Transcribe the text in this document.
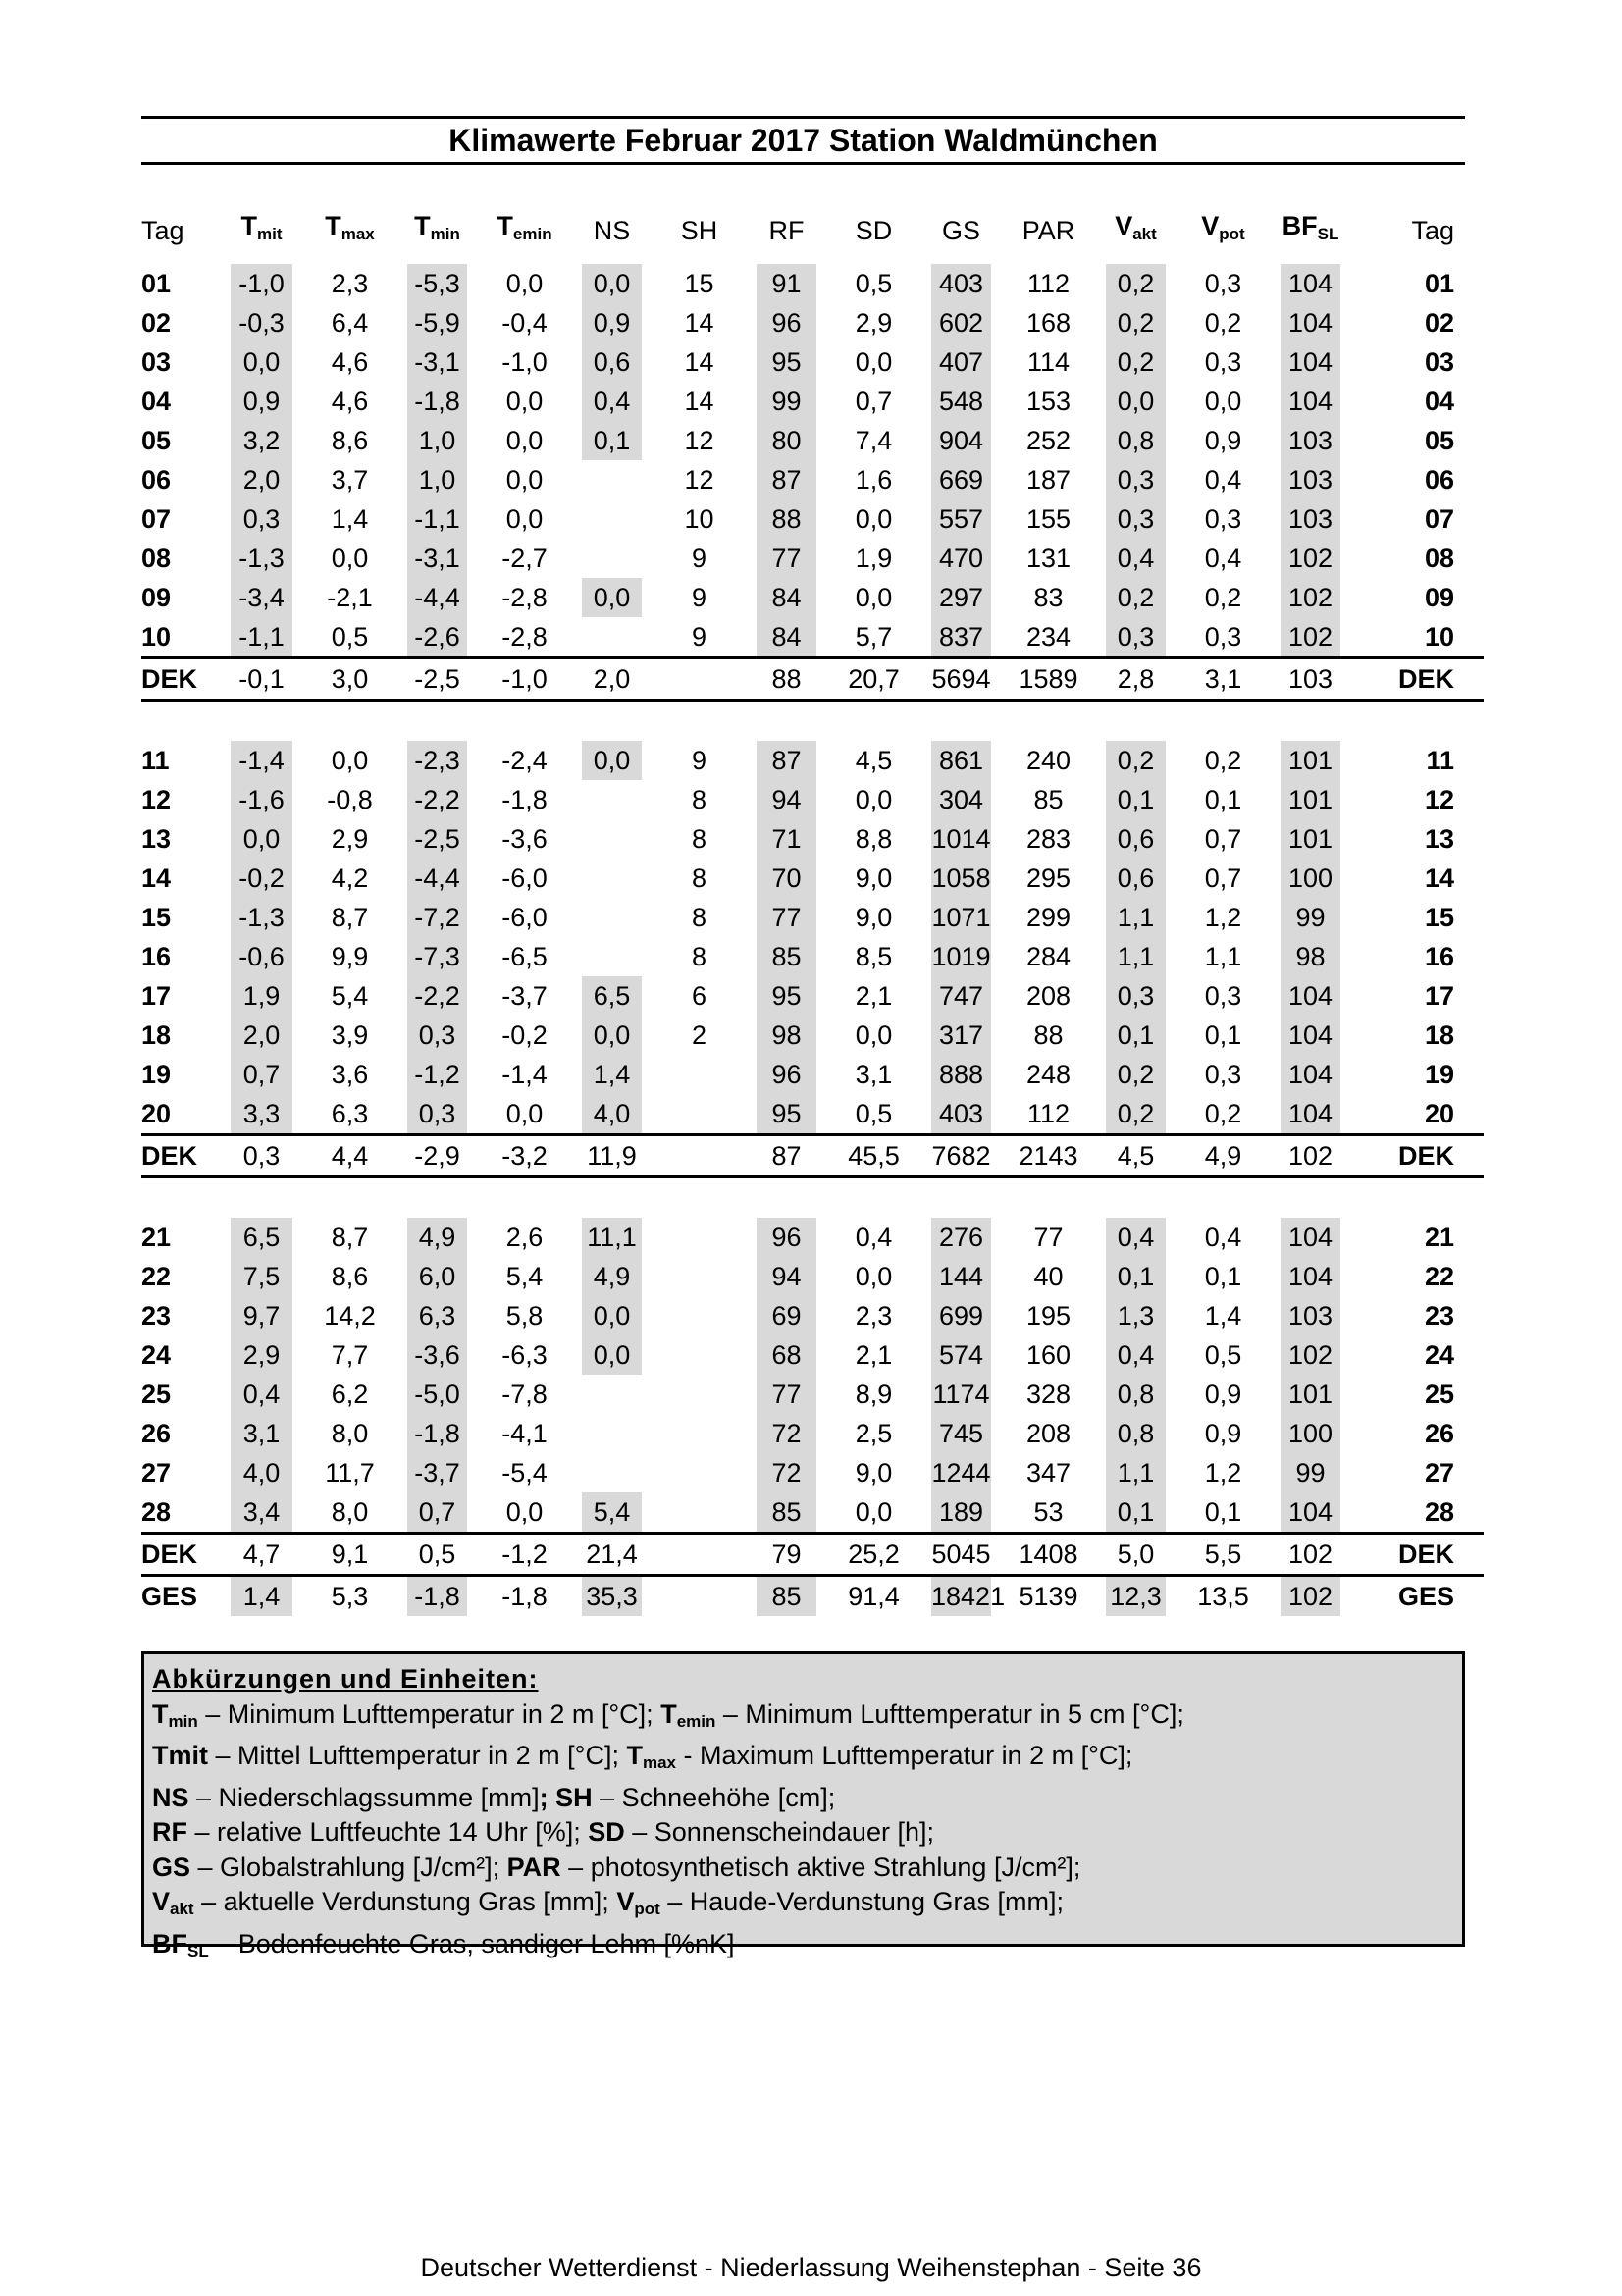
Klimawerte Februar 2017 Station Waldmünchen
Tag	$T_{mit}$	$T_{max}$	$T_{min}$	$T_{emin}$	NS	SH	RF	SD	GS	PAR	$V_{akt}$	$V_{pot}$	$BF_{SL}$	Tag
01	-1,0	2,3	-5,3	0,0	0,0	15	91	0,5	403	112	0,2	0,3	104	01
02	-0,3	6,4	-5,9	-0,4	0,9	14	96	2,9	602	168	0,2	0,2	104	02
03	0,0	4,6	-3,1	-1,0	0,6	14	95	0,0	407	114	0,2	0,3	104	03
04	0,9	4,6	-1,8	0,0	0,4	14	99	0,7	548	153	0,0	0,0	104	04
05	3,2	8,6	1,0	0,0	0,1	12	80	7,4	904	252	0,8	0,9	103	05
06	2,0	3,7	1,0	0,0		12	87	1,6	669	187	0,3	0,4	103	06
07	0,3	1,4	-1,1	0,0		10	88	0,0	557	155	0,3	0,3	103	07
08	-1,3	0,0	-3,1	-2,7		9	77	1,9	470	131	0,4	0,4	102	08
09	-3,4	-2,1	-4,4	-2,8	0,0	9	84	0,0	297	83	0,2	0,2	102	09
10	-1,1	0,5	-2,6	-2,8		9	84	5,7	837	234	0,3	0,3	102	10
DEK	-0,1	3,0	-2,5	-1,0	2,0		88	20,7	5694	1589	2,8	3,1	103	DEK

11	-1,4	0,0	-2,3	-2,4	0,0	9	87	4,5	861	240	0,2	0,2	101	11
12	-1,6	-0,8	-2,2	-1,8		8	94	0,0	304	85	0,1	0,1	101	12
13	0,0	2,9	-2,5	-3,6		8	71	8,8	1014	283	0,6	0,7	101	13
14	-0,2	4,2	-4,4	-6,0		8	70	9,0	1058	295	0,6	0,7	100	14
15	-1,3	8,7	-7,2	-6,0		8	77	9,0	1071	299	1,1	1,2	99	15
16	-0,6	9,9	-7,3	-6,5		8	85	8,5	1019	284	1,1	1,1	98	16
17	1,9	5,4	-2,2	-3,7	6,5	6	95	2,1	747	208	0,3	0,3	104	17
18	2,0	3,9	0,3	-0,2	0,0	2	98	0,0	317	88	0,1	0,1	104	18
19	0,7	3,6	-1,2	-1,4	1,4		96	3,1	888	248	0,2	0,3	104	19
20	3,3	6,3	0,3	0,0	4,0		95	0,5	403	112	0,2	0,2	104	20
DEK	0,3	4,4	-2,9	-3,2	11,9		87	45,5	7682	2143	4,5	4,9	102	DEK

21	6,5	8,7	4,9	2,6	11,1		96	0,4	276	77	0,4	0,4	104	21
22	7,5	8,6	6,0	5,4	4,9		94	0,0	144	40	0,1	0,1	104	22
23	9,7	14,2	6,3	5,8	0,0		69	2,3	699	195	1,3	1,4	103	23
24	2,9	7,7	-3,6	-6,3	0,0		68	2,1	574	160	0,4	0,5	102	24
25	0,4	6,2	-5,0	-7,8			77	8,9	1174	328	0,8	0,9	101	25
26	3,1	8,0	-1,8	-4,1			72	2,5	745	208	0,8	0,9	100	26
27	4,0	11,7	-3,7	-5,4			72	9,0	1244	347	1,1	1,2	99	27
28	3,4	8,0	0,7	0,0	5,4		85	0,0	189	53	0,1	0,1	104	28
DEK	4,7	9,1	0,5	-1,2	21,4		79	25,2	5045	1408	5,0	5,5	102	DEK
GES	1,4	5,3	-1,8	-1,8	35,3		85	91,4	18421	5139	12,3	13,5	102	GES
Abkürzungen und Einheiten:
$T_{min}$ – Minimum Lufttemperatur in 2 m [°C]; $T_{emin}$ – Minimum Lufttemperatur in 5 cm [°C];
Tmit – Mittel Lufttemperatur in 2 m [°C]; $T_{max}$ - Maximum Lufttemperatur in 2 m [°C];
NS – Niederschlagssumme [mm]; SH – Schneehöhe [cm];
RF – relative Luftfeuchte 14 Uhr [%]; SD – Sonnenscheindauer [h];
GS – Globalstrahlung [J/cm²]; PAR – photosynthetisch aktive Strahlung [J/cm²];
$V_{akt}$ – aktuelle Verdunstung Gras [mm]; $V_{pot}$ – Haude-Verdunstung Gras [mm];
$BF_{SL}$ – Bodenfeuchte Gras, sandiger Lehm [%nK]
Deutscher Wetterdienst - Niederlassung Weihenstephan - Seite 36
